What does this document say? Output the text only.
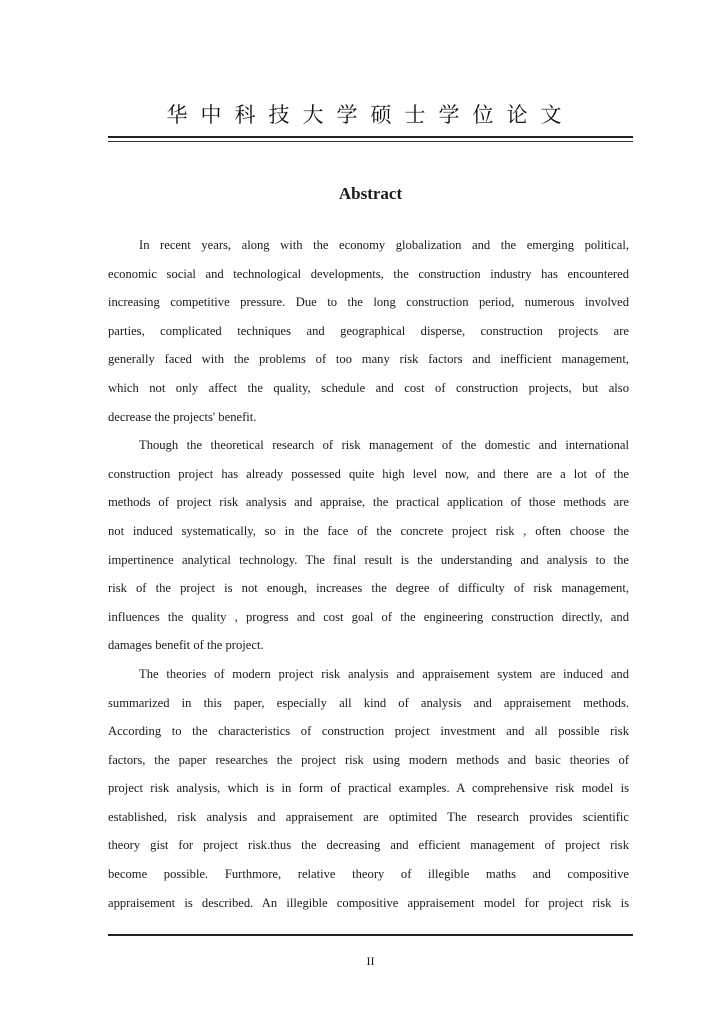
华中科技大学硕士学位论文
Abstract
In recent years, along with the economy globalization and the emerging political,
economic social and technological developments, the construction industry has encountered
increasing competitive pressure. Due to the long construction period, numerous involved
parties, complicated techniques and geographical disperse, construction projects are
generally faced with the problems of too many risk factors and inefficient management,
which not only affect the quality, schedule and cost of construction projects, but also
decrease the projects' benefit.
Though the theoretical research of risk management of the domestic and international
construction project has already possessed quite high level now, and there are a lot of the
methods of project risk analysis and appraise, the practical application of those methods are
not induced systematically, so in the face of the concrete project risk , often choose the
impertinence analytical technology. The final result is the understanding and analysis to the
risk of the project is not enough, increases the degree of difficulty of risk management,
influences the quality , progress and cost goal of the engineering construction directly, and
damages benefit of the project.
The theories of modern project risk analysis and appraisement system are induced and
summarized in this paper, especially all kind of analysis and appraisement methods.
According to the characteristics of construction project investment and all possible risk
factors, the paper researches the project risk using modern methods and basic theories of
project risk analysis, which is in form of practical examples. A comprehensive risk model is
established, risk analysis and appraisement are optimited The research provides scientific
theory gist for project risk.thus the decreasing and efficient management of project risk
become possible. Furthmore, relative theory of illegible maths and compositive
appraisement is described. An illegible compositive appraisement model for project risk is
II
